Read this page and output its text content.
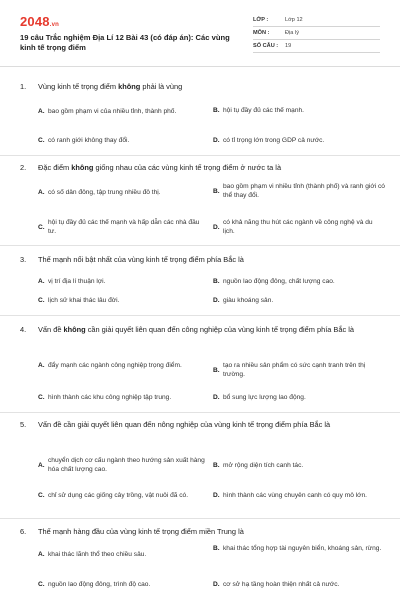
2048.vn
19 câu Trắc nghiệm Địa Lí 12 Bài 43 (có đáp án): Các vùng kinh tế trọng điểm
LỚP :	Lớp 12
MÔN :	Địa lý
SỐ CÂU :	19
1.	Vùng kinh tế trọng điểm không phải là vùng
A. bao gồm phạm vi của nhiều tỉnh, thành phố.	B. hội tụ đầy đủ các thế mạnh.
C. có ranh giới không thay đổi.	D. có tỉ trọng lớn trong GDP cả nước.
2.	Đặc điểm không giống nhau của các vùng kinh tế trọng điểm ở nước ta là
A. có số dân đông, tập trung nhiều đô thị.	B.
bao gồm phạm vi nhiều tỉnh (thành phố) và ranh giới có thể thay đổi.
C.
hội tụ đầy đủ các thế mạnh và hấp dẫn các nhà đầu tư.
D.
có khả năng thu hút các ngành về công nghệ và du lịch.
3.	Thế mạnh nổi bật nhất của vùng kinh tế trọng điểm phía Bắc là
A. vị trí địa lí thuận lợi.	B. nguồn lao động đông, chất lượng cao.
C. lịch sử khai thác lâu đời.	D. giàu khoáng sản.
4.	Vấn đề không cần giải quyết liên quan đến công nghiệp của vùng kinh tế trọng điểm phía Bắc là
A. đẩy mạnh các ngành công nghiệp trọng điểm.
B.
tạo ra nhiều sản phẩm có sức cạnh tranh trên thị trường.
C. hình thành các khu công nghiệp tập trung.	D. bổ sung lực lượng lao động.
5.	Vấn đề cần giải quyết liên quan đến nông nghiệp của vùng kinh tế trọng điểm phía Bắc là
A.
chuyển dịch cơ cấu ngành theo hướng sản xuất hàng hóa chất lượng cao.
B. mở rộng diện tích canh tác.
C. chỉ sử dụng các giống cây trồng, vật nuôi đã có.	D. hình thành các vùng chuyên canh có quy mô lớn.
6.	Thế mạnh hàng đầu của vùng kinh tế trọng điểm miền Trung là
A. khai thác lãnh thổ theo chiều sâu.
B. khai thác tổng hợp tài nguyên biển, khoáng sản, rừng.
C. nguồn lao động đông, trình độ cao.	D. cơ sở hạ tầng hoàn thiện nhất cả nước.
